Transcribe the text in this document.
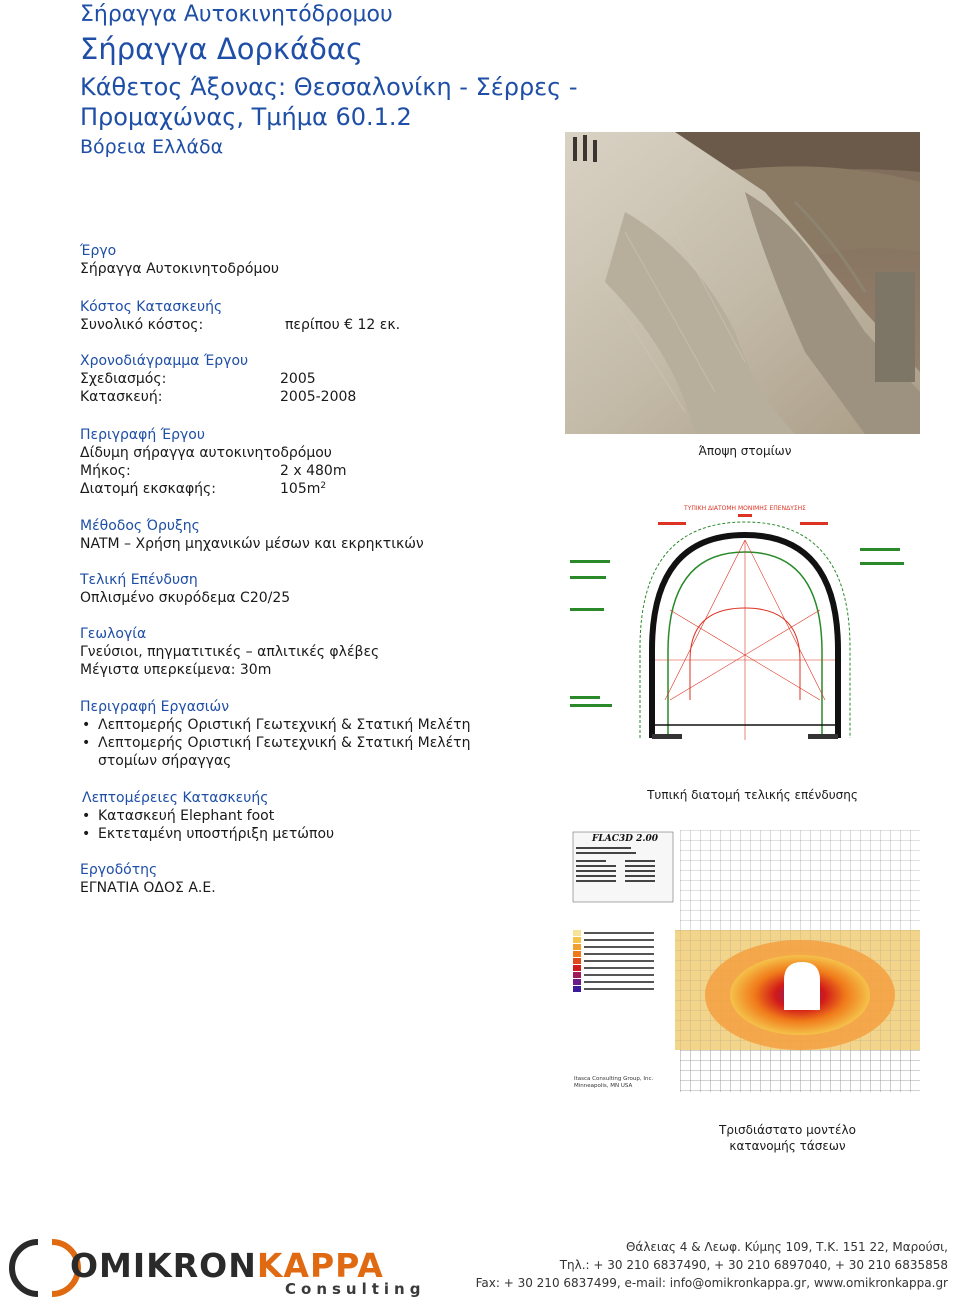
Σήραγγα Αυτοκινητόδρομου
Σήραγγα Δορκάδας
Κάθετος Άξονας: Θεσσαλονίκη - Σέρρες - Προμαχώνας, Τμήμα 60.1.2
Βόρεια Ελλάδα
Έργο
Σήραγγα Αυτοκινητοδρόμου
Κόστος Κατασκευής
Συνολικό κόστος:	περίπου € 12 εκ.
Χρονοδιάγραμμα Έργου
Σχεδιασμός:	2005
Κατασκευή:	2005-2008
Περιγραφή Έργου
Δίδυμη σήραγγα αυτοκινητοδρόμου
Μήκος:	2 x 480m
Διατομή εκσκαφής:	$105m^2$
Μέθοδος Όρυξης
NATM – Χρήση μηχανικών μέσων και εκρηκτικών
Τελική Επένδυση
Οπλισμένο σκυρόδεμα C20/25
Γεωλογία
Γνεύσιοι, πηγματιτικές – απλιτικές φλέβες
Μέγιστα υπερκείμενα: 30m
Περιγραφή Εργασιών
• Λεπτομερής Οριστική Γεωτεχνική & Στατική Μελέτη
• Λεπτομερής Οριστική Γεωτεχνική & Στατική Μελέτη στομίων σήραγγας
Λεπτομέρειες Κατασκευής
• Κατασκευή Elephant foot
• Εκτεταμένη υποστήριξη μετώπου
Εργοδότης
ΕΓΝΑΤΙΑ ΟΔΟΣ Α.Ε.
Άποψη στομίων
ΤΥΠΙΚΗ ΔΙΑΤΟΜΗ ΜΟΝΙΜΗΣ ΕΠΕΝΔΥΣΗΣ
Τυπική διατομή τελικής επένδυσης
FLAC3D 2.00
Itasca Consulting Group, Inc.
Minneapolis, MN USA
Τρισδιάστατο μοντέλο κατανομής τάσεων
OMIKRONKAPPA
Consulting
Θάλειας 4 & Λεωφ. Κύμης 109, Τ.Κ. 151 22, Μαρούσι,
Τηλ.: + 30 210 6837490, + 30 210 6897040, + 30 210 6835858
Fax: + 30 210 6837499, e-mail: info@omikronkappa.gr, www.omikronkappa.gr
